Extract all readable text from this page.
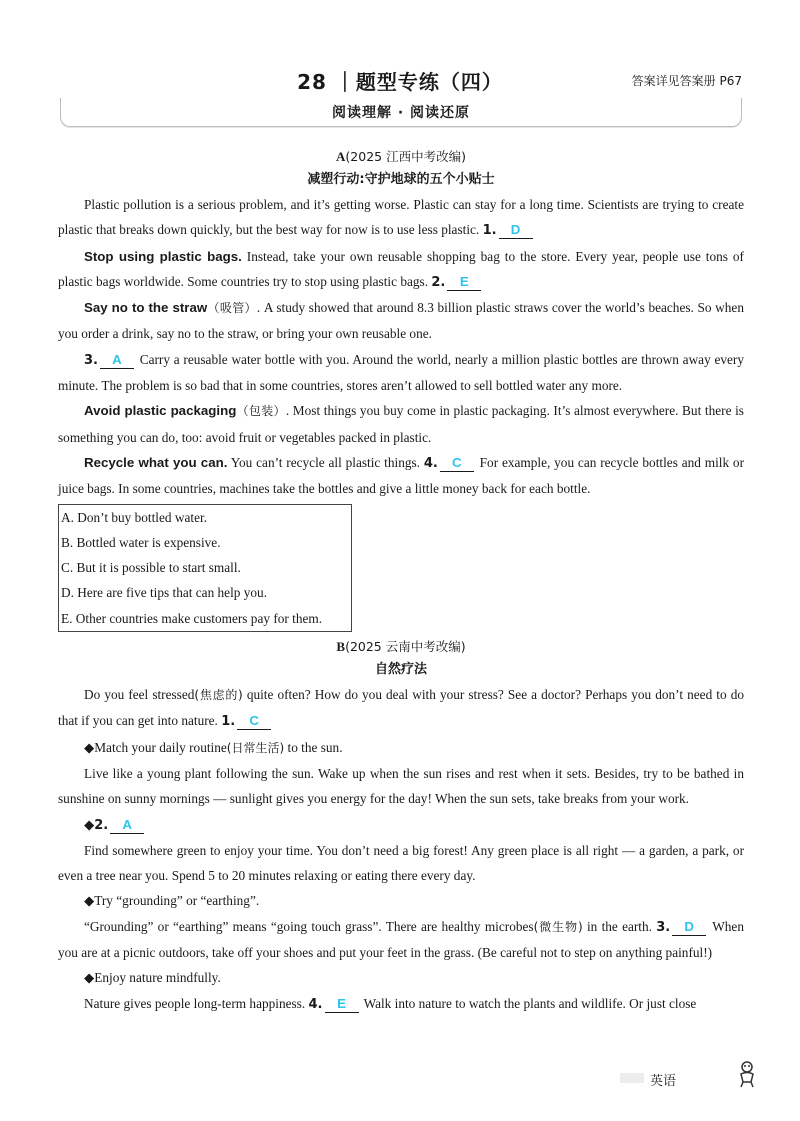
28 ｜题型专练（四）	答案详见答案册 P67
阅读理解 · 阅读还原
A(2025 江西中考改编)
减塑行动:守护地球的五个小贴士

Plastic pollution is a serious problem, and it’s getting worse. Plastic can stay for a long time. Scientists are trying to create plastic that breaks down quickly, but the best way for now is to use less plastic. 1. D

Stop using plastic bags. Instead, take your own reusable shopping bag to the store. Every year, people use tons of plastic bags worldwide. Some countries try to stop using plastic bags. 2. E

Say no to the straw（吸管）. A study showed that around 8.3 billion plastic straws cover the world’s beaches. So when you order a drink, say no to the straw, or bring your own reusable one.

3. A Carry a reusable water bottle with you. Around the world, nearly a million plastic bottles are thrown away every minute. The problem is so bad that in some countries, stores aren’t allowed to sell bottled water any more.

Avoid plastic packaging（包装）. Most things you buy come in plastic packaging. It’s almost everywhere. But there is something you can do, too: avoid fruit or vegetables packed in plastic.

Recycle what you can. You can’t recycle all plastic things. 4. C For example, you can recycle bottles and milk or juice bags. In some countries, machines take the bottles and give a little money back for each bottle.

A. Don’t buy bottled water.
B. Bottled water is expensive.
C. But it is possible to start small.
D. Here are five tips that can help you.
E. Other countries make customers pay for them.
B(2025 云南中考改编)
自然疗法

Do you feel stressed(焦虑的) quite often? How do you deal with your stress? See a doctor? Perhaps you don’t need to do that if you can get into nature. 1. C

◆Match your daily routine(日常生活) to the sun.

Live like a young plant following the sun. Wake up when the sun rises and rest when it sets. Besides, try to be bathed in sunshine on sunny mornings — sunlight gives you energy for the day! When the sun sets, take breaks from your work.

◆2. A

Find somewhere green to enjoy your time. You don’t need a big forest! Any green place is all right — a garden, a park, or even a tree near you. Spend 5 to 20 minutes relaxing or eating there every day.

◆Try “grounding” or “earthing”.

“Grounding” or “earthing” means “going touch grass”. There are healthy microbes(微生物) in the earth. 3. D When you are at a picnic outdoors, take off your shoes and put your feet in the grass. (Be careful not to step on anything painful!)

◆Enjoy nature mindfully.

Nature gives people long-term happiness. 4. E Walk into nature to watch the plants and wildlife. Or just close

英语
